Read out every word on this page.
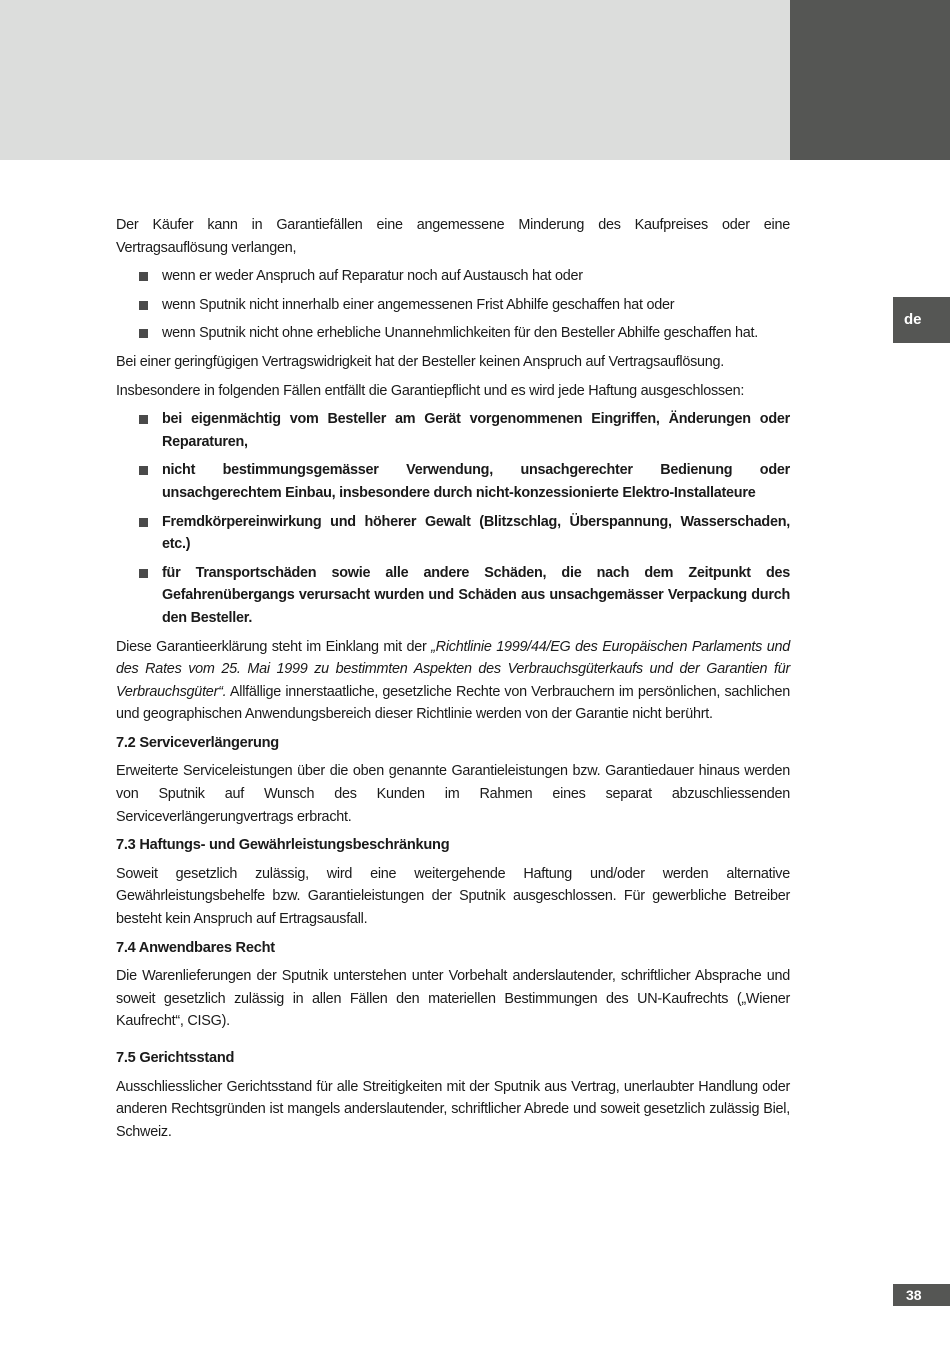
de

Der Käufer kann in Garantiefällen eine angemessene Minderung des Kaufpreises oder eine Vertragsauflösung verlangen,

wenn er weder Anspruch auf Reparatur noch auf Austausch hat oder
wenn Sputnik nicht innerhalb einer angemessenen Frist Abhilfe geschaffen hat oder
wenn Sputnik nicht ohne erhebliche Unannehmlichkeiten für den Besteller Abhilfe geschaffen hat.

Bei einer geringfügigen Vertragswidrigkeit hat der Besteller keinen Anspruch auf Vertragsauflösung.

Insbesondere in folgenden Fällen entfällt die Garantiepflicht und es wird jede Haftung ausgeschlossen:

bei eigenmächtig vom Besteller am Gerät vorgenommenen Eingriffen, Änderungen oder Reparaturen,
nicht bestimmungsgemässer Verwendung, unsachgerechter Bedienung oder unsachgerechtem Einbau, insbesondere durch nicht-konzessionierte Elektro-Installateure
Fremdkörpereinwirkung und höherer Gewalt (Blitzschlag, Überspannung, Wasserschaden, etc.)
für Transportschäden sowie alle andere Schäden, die nach dem Zeitpunkt des Gefahrenübergangs verursacht wurden und Schäden aus unsachgemässer Verpackung durch den Besteller.

Diese Garantieerklärung steht im Einklang mit der „Richtlinie 1999/44/EG des Europäischen Parlaments und des Rates vom 25. Mai 1999 zu bestimmten Aspekten des Verbrauchsgüterkaufs und der Garantien für Verbrauchsgüter“. Allfällige innerstaatliche, gesetzliche Rechte von Verbrauchern im persönlichen, sachlichen und geographischen Anwendungsbereich dieser Richtlinie werden von der Garantie nicht berührt.

7.2 Serviceverlängerung

Erweiterte Serviceleistungen über die oben genannte Garantieleistungen bzw. Garantiedauer hinaus werden von Sputnik auf Wunsch des Kunden im Rahmen eines separat abzuschliessenden Serviceverlängerungvertrags erbracht.

7.3 Haftungs- und Gewährleistungsbeschränkung

Soweit gesetzlich zulässig, wird eine weitergehende Haftung und/oder werden alternative Gewährleistungsbehelfe bzw. Garantieleistungen der Sputnik ausgeschlossen. Für gewerbliche Betreiber besteht kein Anspruch auf Ertragsausfall.

7.4 Anwendbares Recht

Die Warenlieferungen der Sputnik unterstehen unter Vorbehalt anderslautender, schriftlicher Absprache und soweit gesetzlich zulässig in allen Fällen den materiellen Bestimmungen des UN-Kaufrechts („Wiener Kaufrecht“, CISG).

7.5 Gerichtsstand

Ausschliesslicher Gerichtsstand für alle Streitigkeiten mit der Sputnik aus Vertrag, unerlaubter Handlung oder anderen Rechtsgründen ist mangels anderslautender, schriftlicher Abrede und soweit gesetzlich zulässig Biel, Schweiz.

38
